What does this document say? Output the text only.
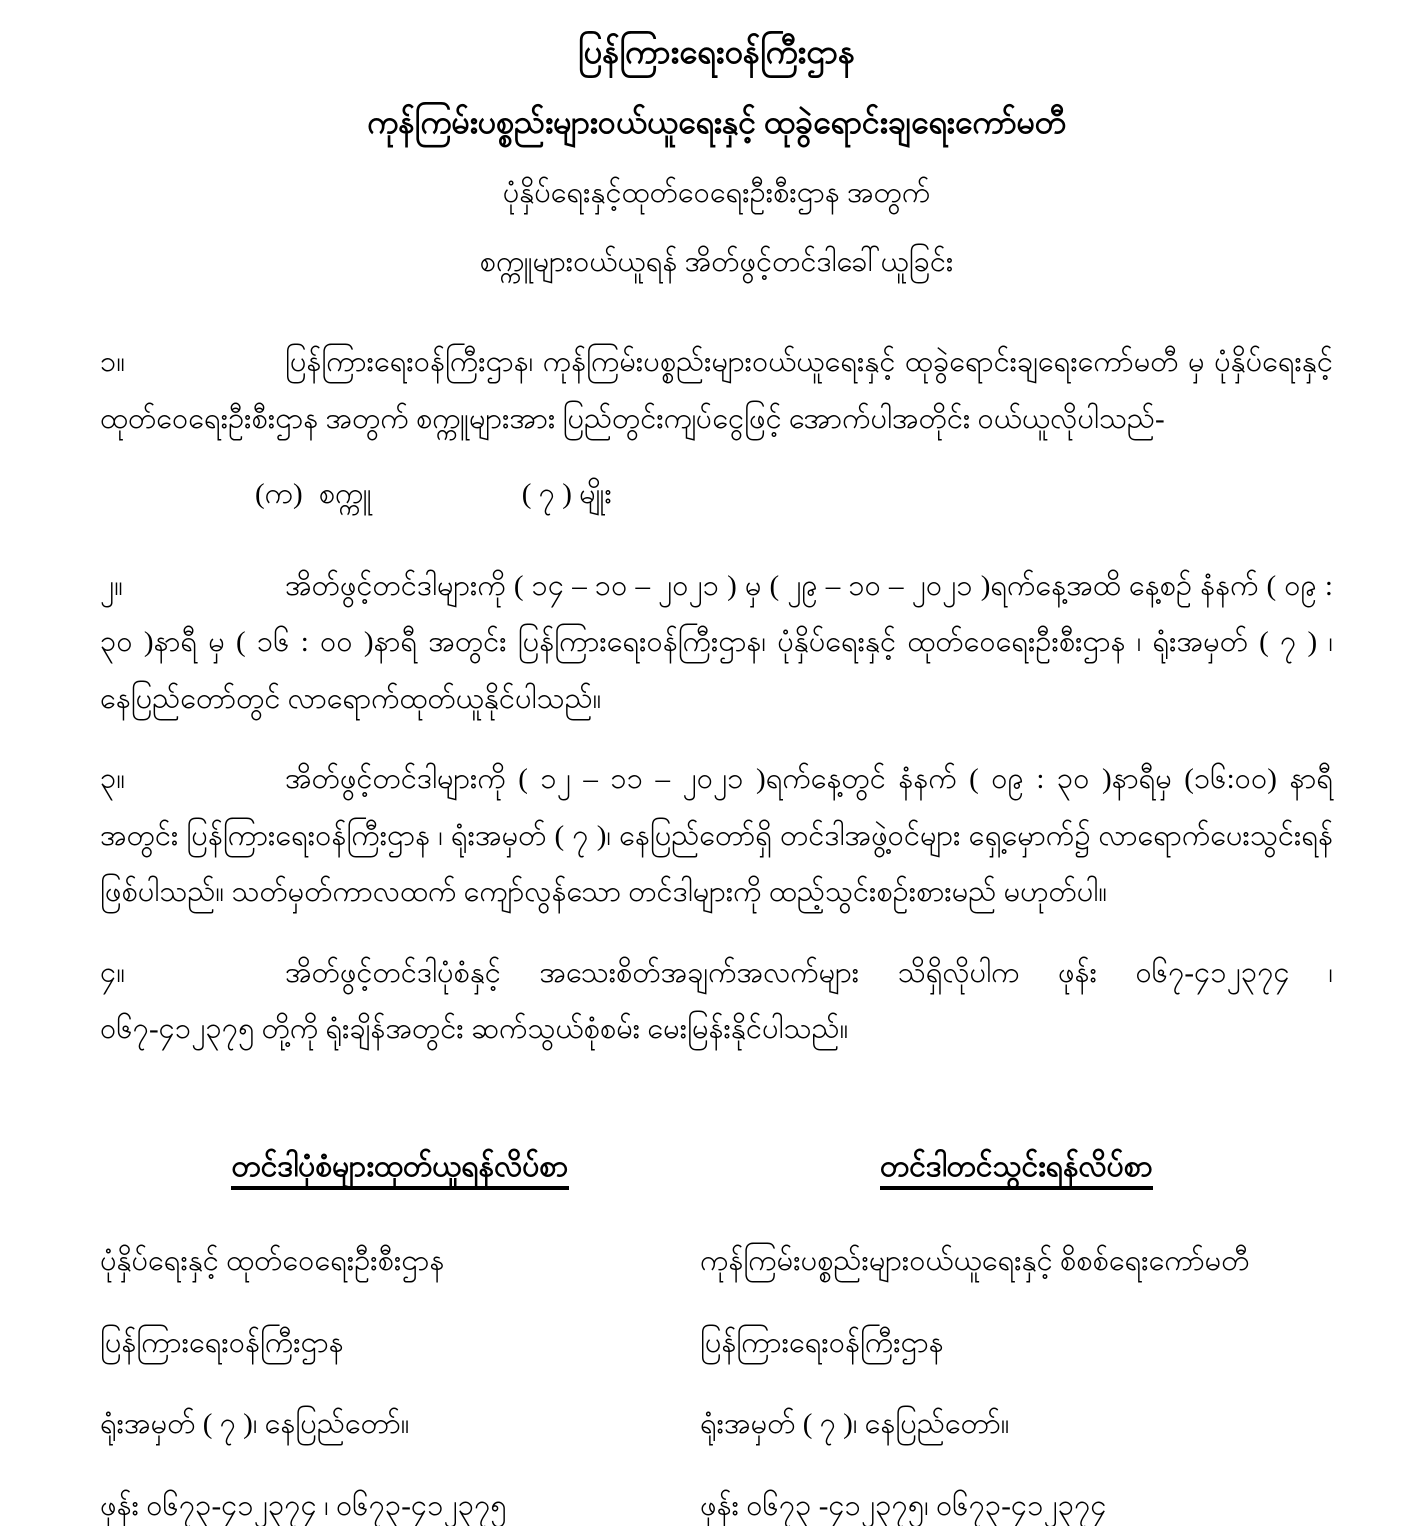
ပြန်ကြားရေးဝန်ကြီးဌာန
ကုန်ကြမ်းပစ္စည်းများဝယ်ယူရေးနှင့် ထုခွဲရောင်းချရေးကော်မတီ
ပုံနှိပ်ရေးနှင့်ထုတ်ဝေရေးဦးစီးဌာန အတွက်
စက္ကူများဝယ်ယူရန် အိတ်ဖွင့်တင်ဒါခေါ်ယူခြင်း

၁။	ပြန်ကြားရေးဝန်ကြီးဌာန၊ ကုန်ကြမ်းပစ္စည်းများဝယ်ယူရေးနှင့် ထုခွဲရောင်းချရေးကော်မတီ မှ ပုံနှိပ်ရေးနှင့်ထုတ်ဝေရေးဦးစီးဌာန အတွက် စက္ကူများအား ပြည်တွင်းကျပ်ငွေဖြင့် အောက်ပါအတိုင်း ဝယ်ယူလိုပါသည်-

(က) စက္ကူ	( ၇ ) မျိုး

၂။	အိတ်ဖွင့်တင်ဒါများကို ( ၁၄ – ၁၀ – ၂၀၂၁ ) မှ ( ၂၉ – ၁၀ – ၂၀၂၁ )ရက်နေ့အထိ နေ့စဉ် နံနက် ( ၀၉ : ၃၀ )နာရီ မှ ( ၁၆ : ၀၀ )နာရီ အတွင်း ပြန်ကြားရေးဝန်ကြီးဌာန၊ ပုံနှိပ်ရေးနှင့် ထုတ်ဝေရေးဦးစီးဌာန ၊ ရုံးအမှတ် ( ၇ ) ၊ နေပြည်တော်တွင် လာရောက်ထုတ်ယူနိုင်ပါသည်။

၃။	အိတ်ဖွင့်တင်ဒါများကို ( ၁၂ – ၁၁ – ၂၀၂၁ )ရက်နေ့တွင် နံနက် ( ၀၉ : ၃၀ )နာရီမှ (၁၆:၀၀) နာရီ အတွင်း ပြန်ကြားရေးဝန်ကြီးဌာန ၊ ရုံးအမှတ် ( ၇ )၊ နေပြည်တော်ရှိ တင်ဒါအဖွဲ့ဝင်များ ရှေ့မှောက်၌ လာရောက်ပေးသွင်းရန် ဖြစ်ပါသည်။ သတ်မှတ်ကာလထက် ကျော်လွန်သော တင်ဒါများကို ထည့်သွင်းစဉ်းစားမည် မဟုတ်ပါ။

၄။	အိတ်ဖွင့်တင်ဒါပုံစံနှင့် အသေးစိတ်အချက်အလက်များ သိရှိလိုပါက ဖုန်း ၀၆၇-၄၁၂၃၇၄ ၊ ၀၆၇-၄၁၂၃၇၅ တို့ကို ရုံးချိန်အတွင်း ဆက်သွယ်စုံစမ်း မေးမြန်းနိုင်ပါသည်။

တင်ဒါပုံစံများထုတ်ယူရန်လိပ်စာ
ပုံနှိပ်ရေးနှင့် ထုတ်ဝေရေးဦးစီးဌာန
ပြန်ကြားရေးဝန်ကြီးဌာန
ရုံးအမှတ် ( ၇ )၊ နေပြည်တော်။
ဖုန်း ၀၆၇၃-၄၁၂၃၇၄ ၊ ၀၆၇၃-၄၁၂၃၇၅
တင်ဒါတင်သွင်းရန်လိပ်စာ
ကုန်ကြမ်းပစ္စည်းများဝယ်ယူရေးနှင့် စိစစ်ရေးကော်မတီ
ပြန်ကြားရေးဝန်ကြီးဌာန
ရုံးအမှတ် ( ၇ )၊ နေပြည်တော်။
ဖုန်း ၀၆၇၃ -၄၁၂၃၇၅၊ ၀၆၇၃-၄၁၂၃၇၄
